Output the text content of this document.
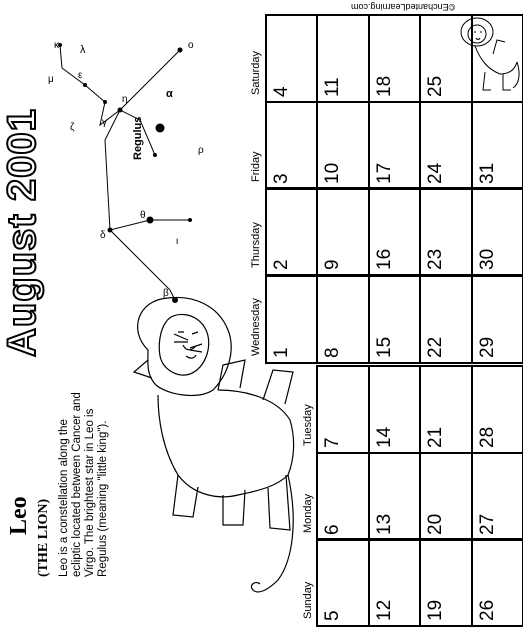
August 2001
©EnchantedLearning.com
Leo (THE LION) Leo is a constellation along the ecliptic located between Cancer and Virgo. The brightest star in Leo is Regulus (meaning "little king").
Regulus
κ λ
μ ε
ζ	γ
η
ο
α
ρ
θ
δ
ι
β
Sunday 5 12 19 26
Monday 6 13 20 27
Tuesday 7 14 21 28
Wednesday 1 8 15 22 29
Thursday 2 9 16 23 30
Friday 3 10 17 24 31
Saturday 4 11 18 25
